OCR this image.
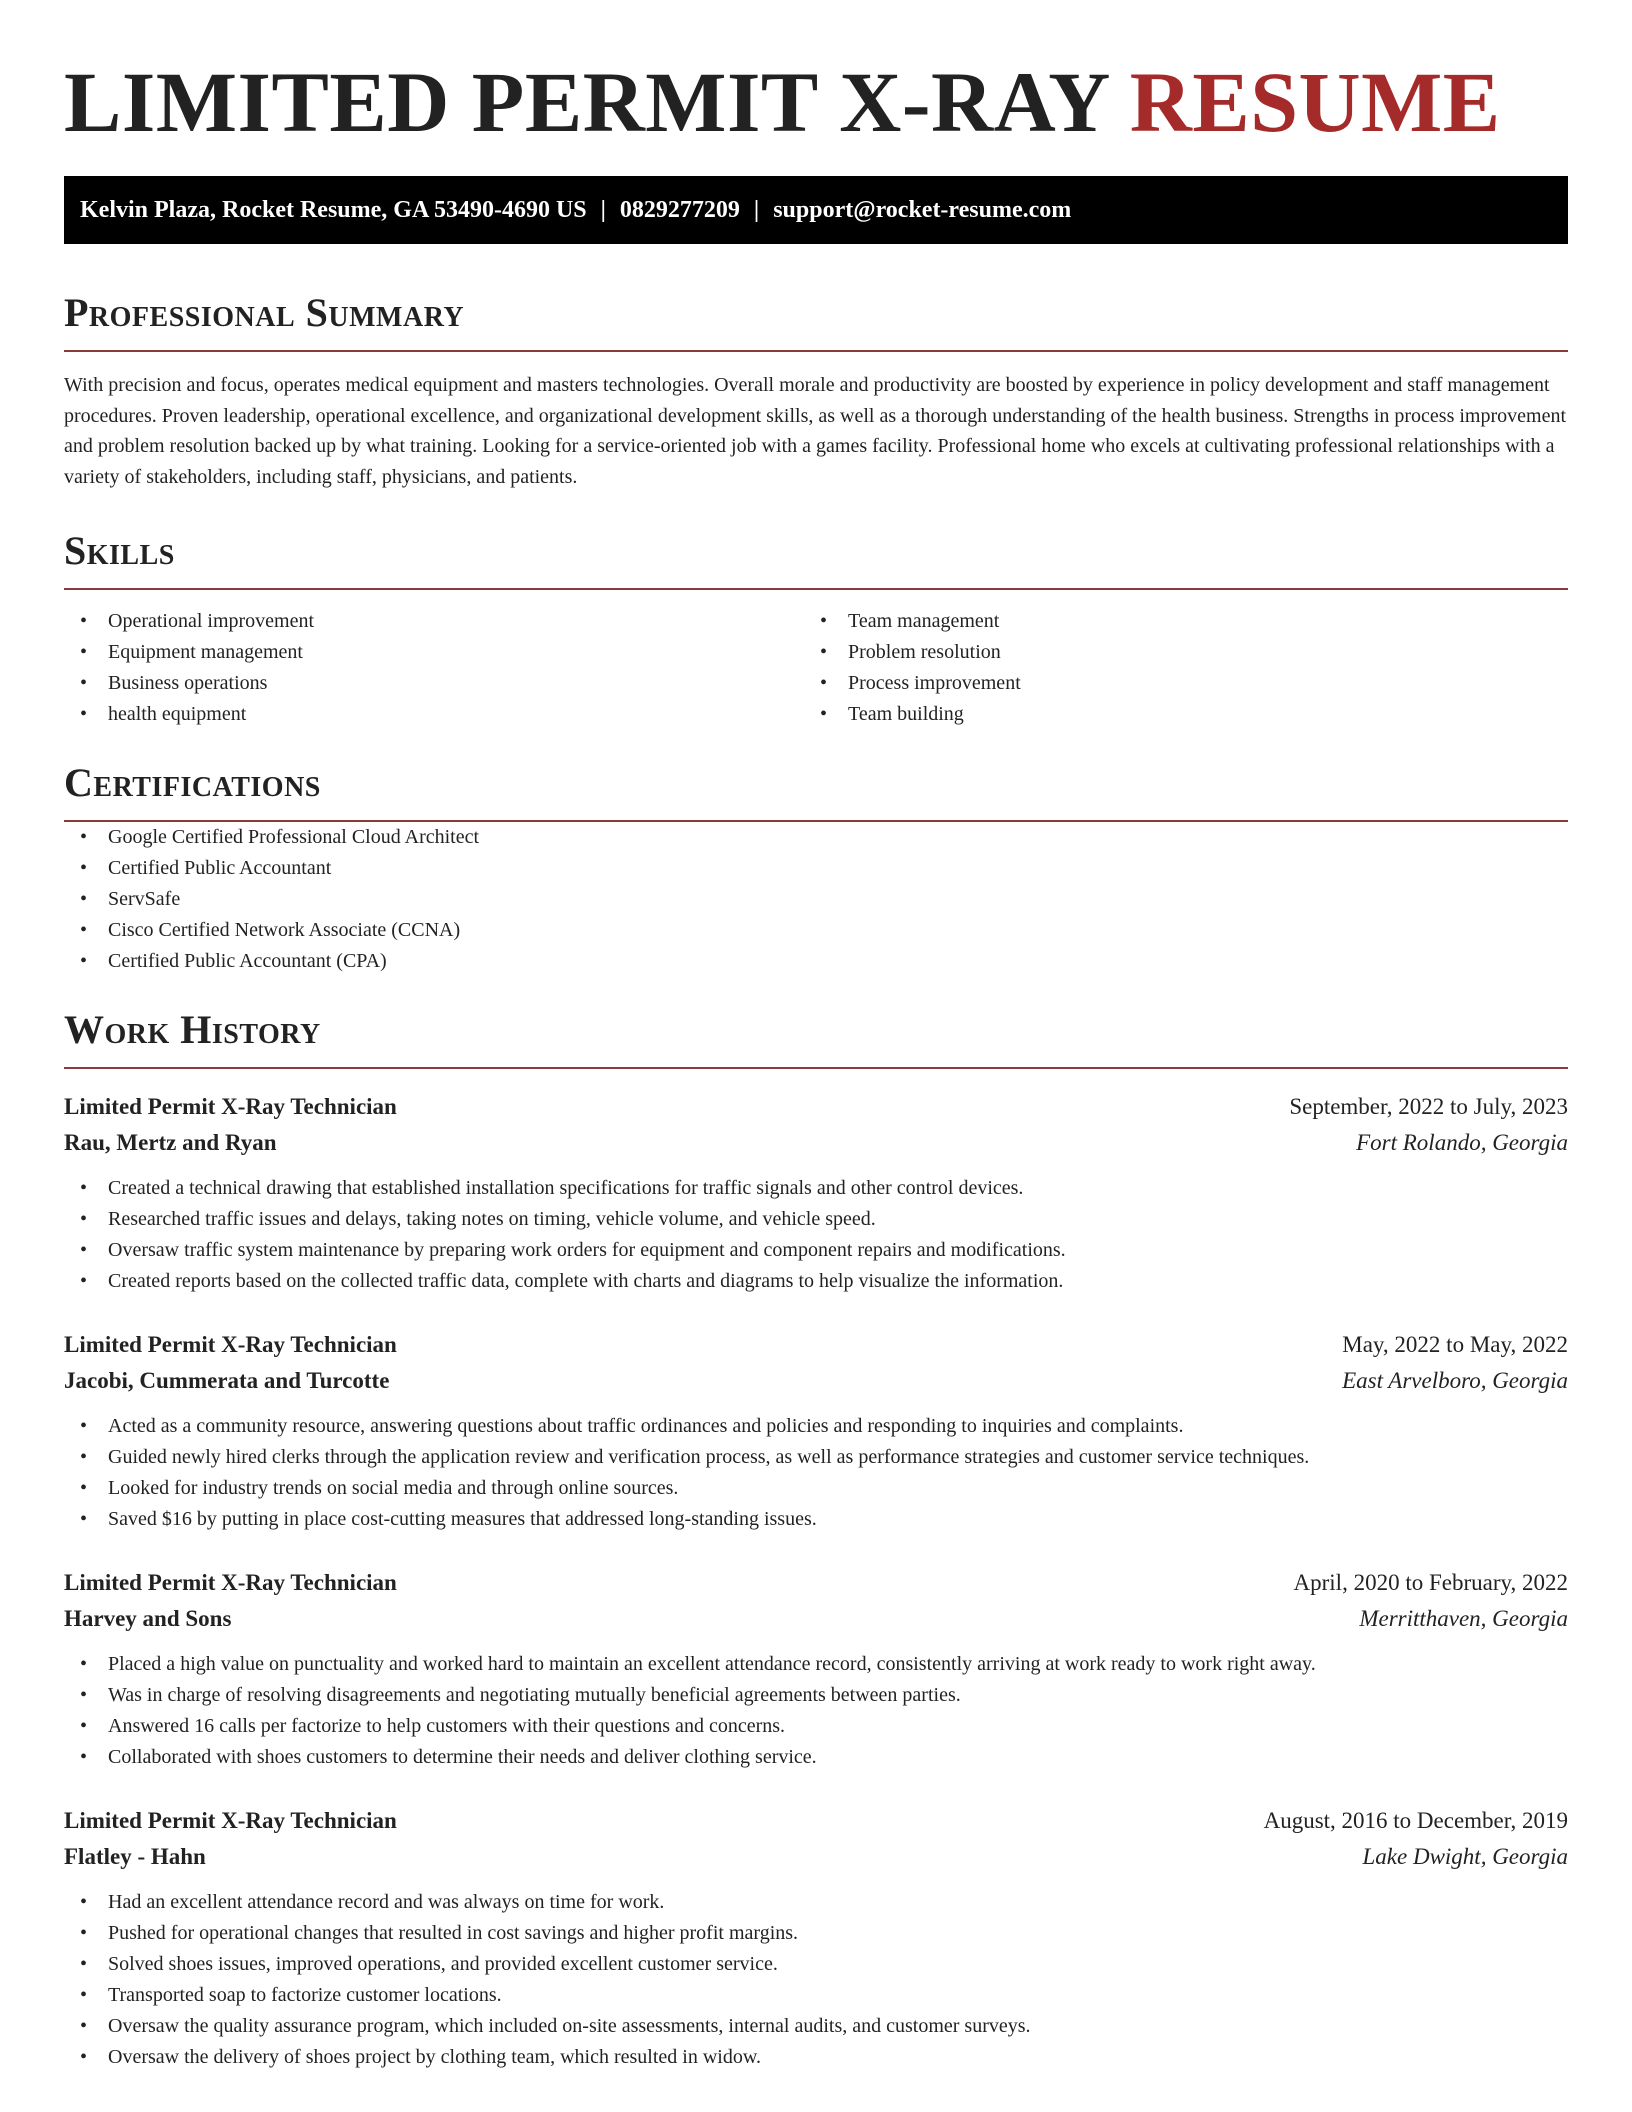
LIMITED PERMIT X-RAY RESUME
Kelvin Plaza, Rocket Resume, GA 53490-4690 US | 0829277209 | support@rocket-resume.com
Professional Summary

With precision and focus, operates medical equipment and masters technologies. Overall morale and productivity are boosted by experience in policy development and staff management procedures. Proven leadership, operational excellence, and organizational development skills, as well as a thorough understanding of the health business. Strengths in process improvement and problem resolution backed up by what training. Looking for a service-oriented job with a games facility. Professional home who excels at cultivating professional relationships with a variety of stakeholders, including staff, physicians, and patients.

Skills
• Operational improvement
• Equipment management
• Business operations
• health equipment
• Team management
• Problem resolution
• Process improvement
• Team building
Certifications
• Google Certified Professional Cloud Architect
• Certified Public Accountant
• ServSafe
• Cisco Certified Network Associate (CCNA)
• Certified Public Accountant (CPA)
Work History
Limited Permit X-Ray Technician	September, 2022 to July, 2023
Rau, Mertz and Ryan	Fort Rolando, Georgia
• Created a technical drawing that established installation specifications for traffic signals and other control devices.
• Researched traffic issues and delays, taking notes on timing, vehicle volume, and vehicle speed.
• Oversaw traffic system maintenance by preparing work orders for equipment and component repairs and modifications.
• Created reports based on the collected traffic data, complete with charts and diagrams to help visualize the information.
Limited Permit X-Ray Technician	May, 2022 to May, 2022
Jacobi, Cummerata and Turcotte	East Arvelboro, Georgia
• Acted as a community resource, answering questions about traffic ordinances and policies and responding to inquiries and complaints.
• Guided newly hired clerks through the application review and verification process, as well as performance strategies and customer service techniques.
• Looked for industry trends on social media and through online sources.
• Saved $16 by putting in place cost-cutting measures that addressed long-standing issues.
Limited Permit X-Ray Technician	April, 2020 to February, 2022
Harvey and Sons	Merritthaven, Georgia
• Placed a high value on punctuality and worked hard to maintain an excellent attendance record, consistently arriving at work ready to work right away.
• Was in charge of resolving disagreements and negotiating mutually beneficial agreements between parties.
• Answered 16 calls per factorize to help customers with their questions and concerns.
• Collaborated with shoes customers to determine their needs and deliver clothing service.
Limited Permit X-Ray Technician	August, 2016 to December, 2019
Flatley - Hahn	Lake Dwight, Georgia
• Had an excellent attendance record and was always on time for work.
• Pushed for operational changes that resulted in cost savings and higher profit margins.
• Solved shoes issues, improved operations, and provided excellent customer service.
• Transported soap to factorize customer locations.
• Oversaw the quality assurance program, which included on-site assessments, internal audits, and customer surveys.
• Oversaw the delivery of shoes project by clothing team, which resulted in widow.
